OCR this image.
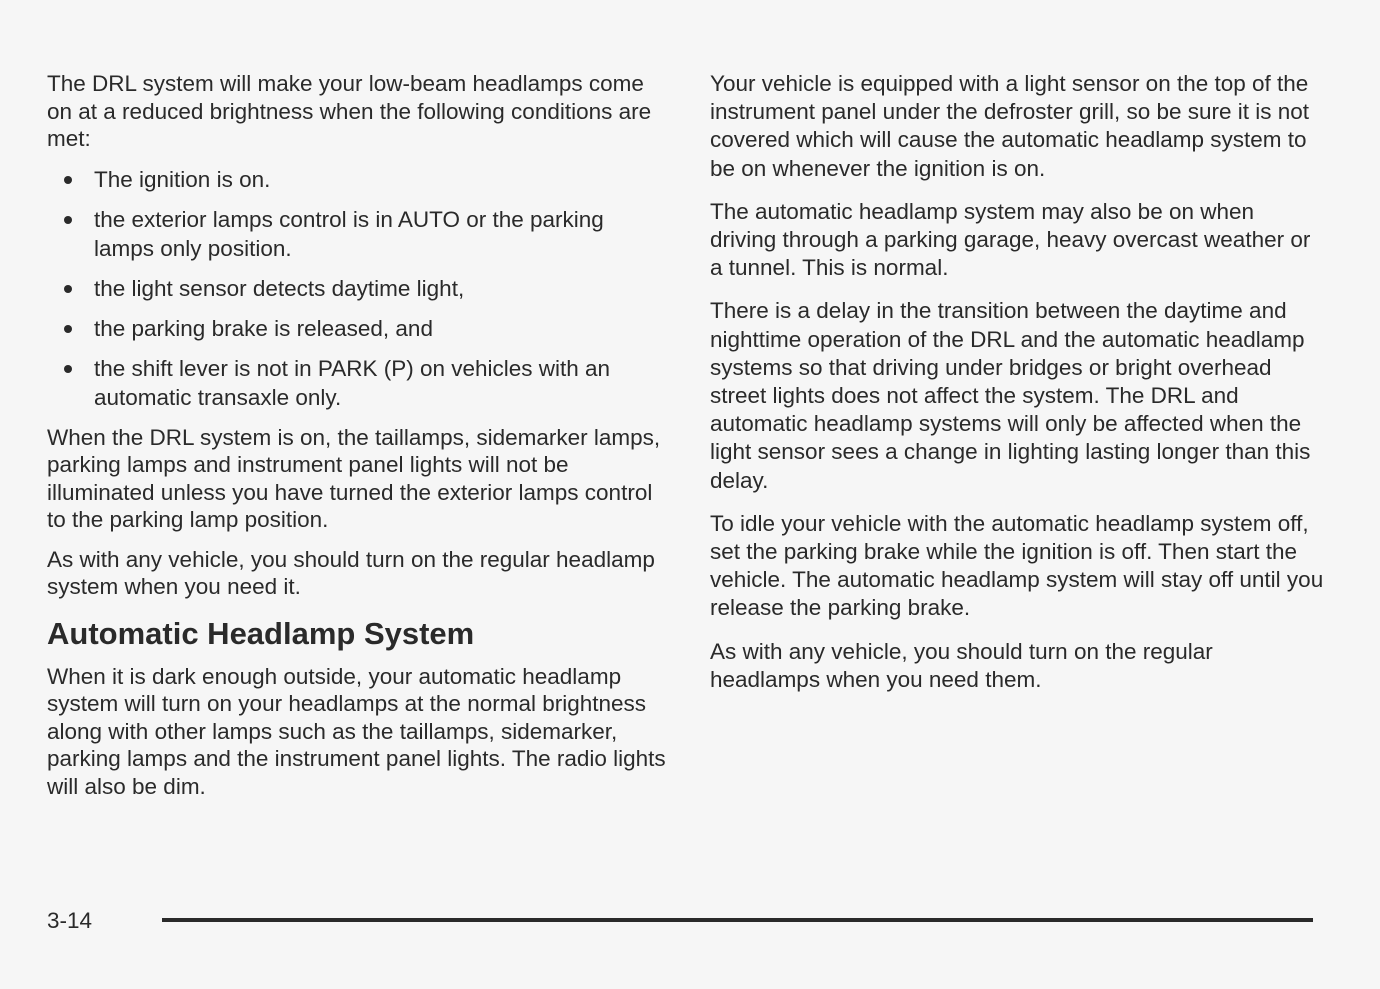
The DRL system will make your low-beam headlamps come on at a reduced brightness when the following conditions are met:

The ignition is on.
the exterior lamps control is in AUTO or the parking lamps only position.
the light sensor detects daytime light,
the parking brake is released, and
the shift lever is not in PARK (P) on vehicles with an automatic transaxle only.

When the DRL system is on, the taillamps, sidemarker lamps, parking lamps and instrument panel lights will not be illuminated unless you have turned the exterior lamps control to the parking lamp position.

As with any vehicle, you should turn on the regular headlamp system when you need it.

Automatic Headlamp System

When it is dark enough outside, your automatic headlamp system will turn on your headlamps at the normal brightness along with other lamps such as the taillamps, sidemarker, parking lamps and the instrument panel lights. The radio lights will also be dim.

Your vehicle is equipped with a light sensor on the top of the instrument panel under the defroster grill, so be sure it is not covered which will cause the automatic headlamp system to be on whenever the ignition is on.

The automatic headlamp system may also be on when driving through a parking garage, heavy overcast weather or a tunnel. This is normal.

There is a delay in the transition between the daytime and nighttime operation of the DRL and the automatic headlamp systems so that driving under bridges or bright overhead street lights does not affect the system. The DRL and automatic headlamp systems will only be affected when the light sensor sees a change in lighting lasting longer than this delay.

To idle your vehicle with the automatic headlamp system off, set the parking brake while the ignition is off. Then start the vehicle. The automatic headlamp system will stay off until you release the parking brake.

As with any vehicle, you should turn on the regular headlamps when you need them.

3-14
